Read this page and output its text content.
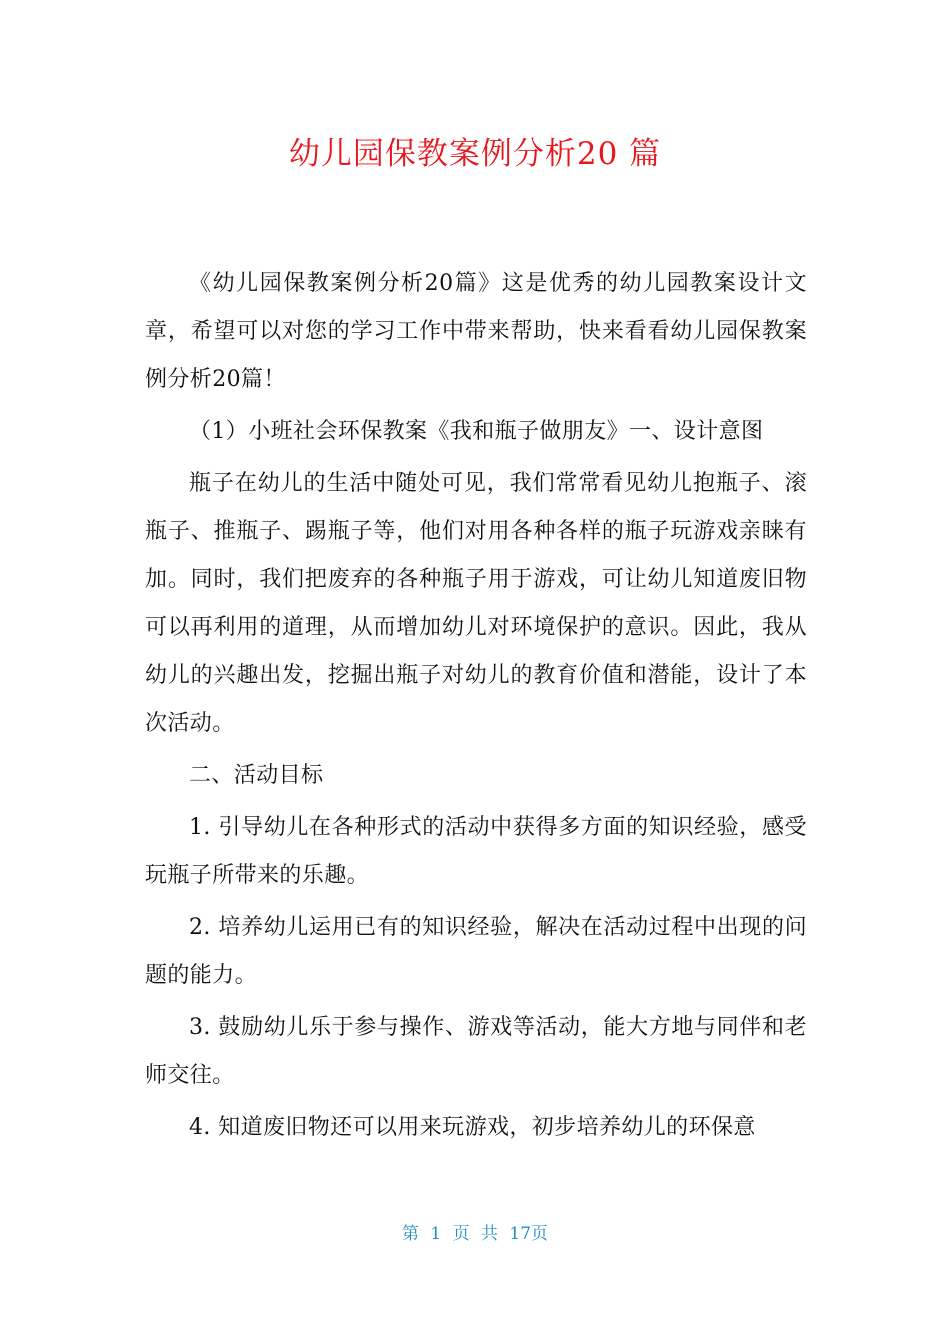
幼儿园保教案例分析20 篇

《幼儿园保教案例分析20篇》这是优秀的幼儿园教案设计文章，希望可以对您的学习工作中带来帮助，快来看看幼儿园保教案例分析20篇！

（1）小班社会环保教案《我和瓶子做朋友》一、设计意图

瓶子在幼儿的生活中随处可见，我们常常看见幼儿抱瓶子、滚瓶子、推瓶子、踢瓶子等，他们对用各种各样的瓶子玩游戏亲睐有加。同时，我们把废弃的各种瓶子用于游戏，可让幼儿知道废旧物可以再利用的道理，从而增加幼儿对环境保护的意识。因此，我从幼儿的兴趣出发，挖掘出瓶子对幼儿的教育价值和潜能，设计了本次活动。

二、活动目标

1. 引导幼儿在各种形式的活动中获得多方面的知识经验，感受玩瓶子所带来的乐趣。

2. 培养幼儿运用已有的知识经验，解决在活动过程中出现的问题的能力。

3. 鼓励幼儿乐于参与操作、游戏等活动，能大方地与同伴和老师交往。

4. 知道废旧物还可以用来玩游戏，初步培养幼儿的环保意

第 1 页 共 17页
